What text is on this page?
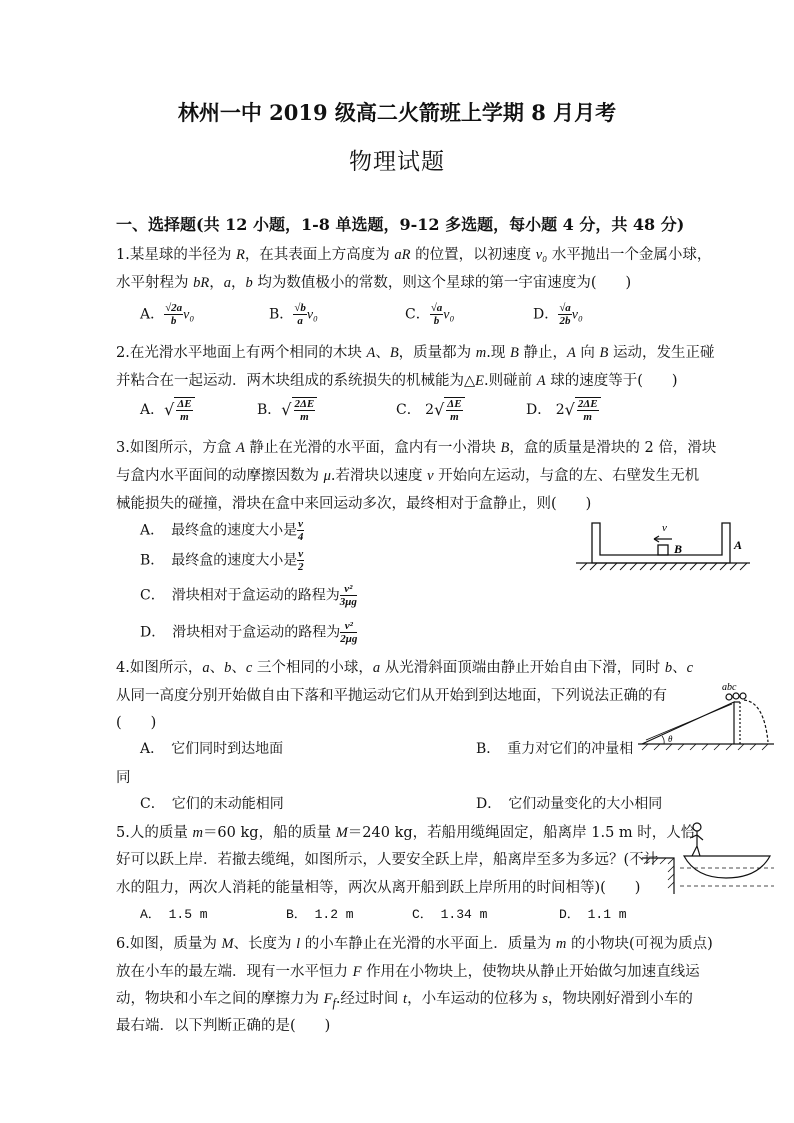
林州一中 2019 级高二火箭班上学期 8 月月考
物理试题
一、选择题(共 12 小题，1-8 单选题，9-12 多选题，每小题 4 分，共 48 分)
1.某星球的半径为 R，在其表面上方高度为 aR 的位置，以初速度 v₀ 水平抛出一个金属小球，
水平射程为 bR，a，b 均为数值极小的常数，则这个星球的第一宇宙速度为(　　)
A． $\frac{√2a}{b} v_0$	B． $\frac{√b}{a} v_0$	C． $\frac{√a}{b} v_0$	D． $\frac{√a}{2b} v_0$
2.在光滑水平地面上有两个相同的木块 A、B，质量都为 m.现 B 静止，A 向 B 运动，发生正碰
并粘合在一起运动．两木块组成的系统损失的机械能为△E.则碰前 A 球的速度等于(　　)
A．√ $\frac{\Delta E}{m}$	B．√ $\frac{2\Delta E}{m}$	C． $2√ \frac{\Delta E}{m}$	D． $2√ \frac{2\Delta E}{m}$
3.如图所示，方盒 A 静止在光滑的水平面，盒内有一小滑块 B，盒的质量是滑块的 2 倍，滑块
与盒内水平面间的动摩擦因数为 μ.若滑块以速度 v 开始向左运动，与盒的左、右壁发生无机
械能损失的碰撞，滑块在盒中来回运动多次，最终相对于盒静止，则(　　)
A．　最终盒的速度大小是 $\frac{v}{4}$
B．　最终盒的速度大小是 $\frac{v}{2}$
C．　滑块相对于盒运动的路程为 $\frac{\text{v²}}{3\mu g}$
D．　滑块相对于盒运动的路程为 $\frac{\text{v²}}{2\mu g}$
v
B	A
4.如图所示，a、b、c 三个相同的小球，a 从光滑斜面顶端由静止开始自由下滑，同时 b、c
从同一高度分别开始做自由下落和平抛运动它们从开始到到达地面，下列说法正确的有
(　　)
abc
θ
A．　它们同时到达地面	B．　重力对它们的冲量相
同
C．　它们的末动能相同	D．　它们动量变化的大小相同
5.人的质量 m＝60 kg，船的质量 M＝240 kg，若船用缆绳固定，船离岸 1.5 m 时，人恰
好可以跃上岸．若撤去缆绳，如图所示，人要安全跃上岸，船离岸至多为多远？(不计
水的阻力，两次人消耗的能量相等，两次从离开船到跃上岸所用的时间相等)(　　)
A． 1.5 m	B． 1.2 m	C． 1.34 m	D． 1.1 m
6.如图，质量为 M、长度为 l 的小车静止在光滑的水平面上．质量为 m 的小物块(可视为质点)
放在小车的最左端．现有一水平恒力 F 作用在小物块上，使物块从静止开始做匀加速直线运
动，物块和小车之间的摩擦力为 $F_f$.经过时间 t，小车运动的位移为 s，物块刚好滑到小车的
最右端．以下判断正确的是(　　)
